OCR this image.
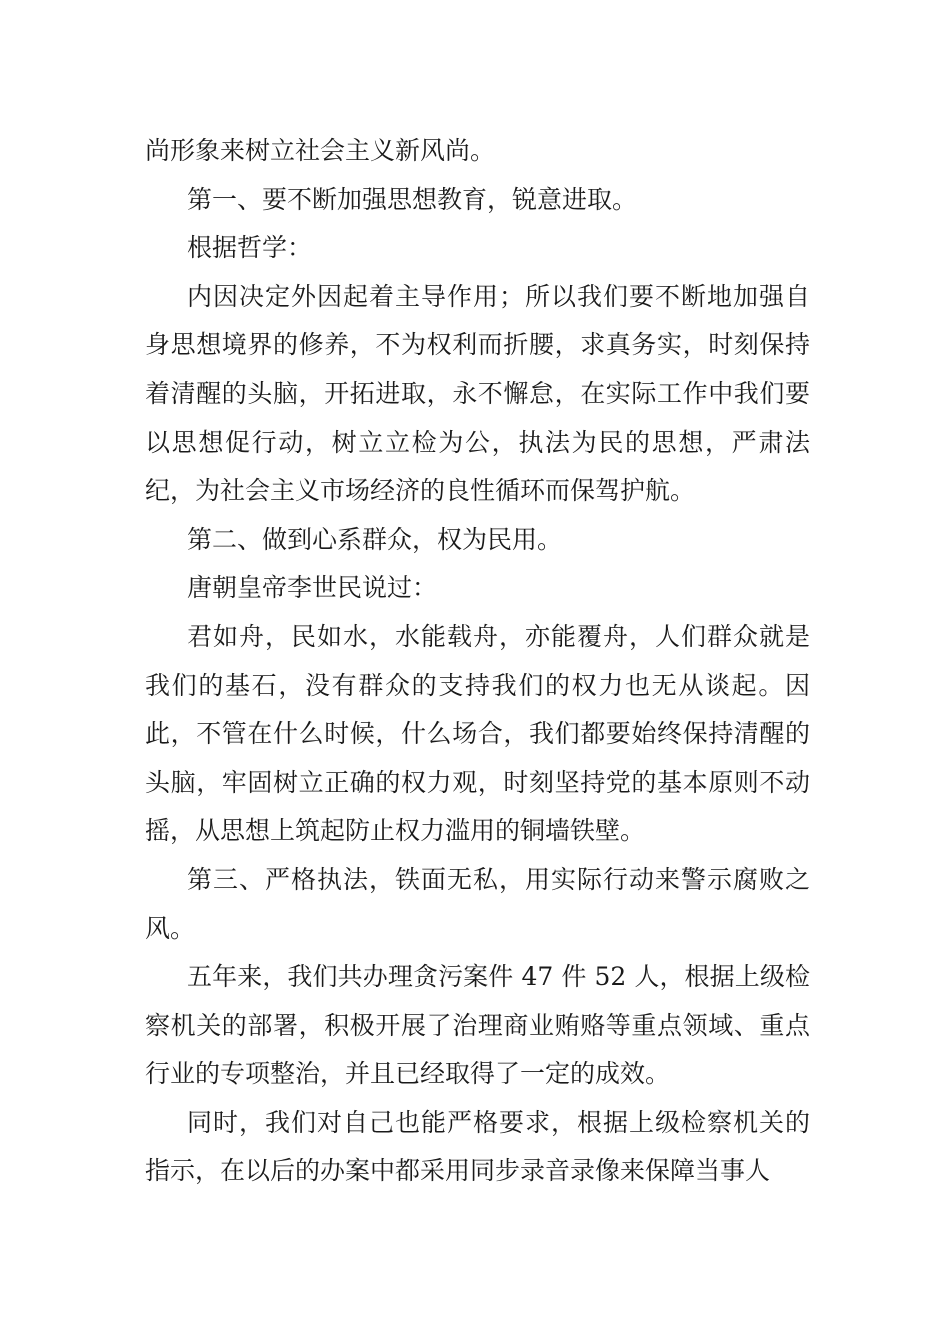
尚形象来树立社会主义新风尚。

第一、要不断加强思想教育，锐意进取。

根据哲学：

内因决定外因起着主导作用；所以我们要不断地加强自身思想境界的修养，不为权利而折腰，求真务实，时刻保持着清醒的头脑，开拓进取，永不懈怠，在实际工作中我们要以思想促行动，树立立检为公，执法为民的思想，严肃法纪，为社会主义市场经济的良性循环而保驾护航。

第二、做到心系群众，权为民用。

唐朝皇帝李世民说过：

君如舟，民如水，水能载舟，亦能覆舟，人们群众就是我们的基石，没有群众的支持我们的权力也无从谈起。因此，不管在什么时候，什么场合，我们都要始终保持清醒的头脑，牢固树立正确的权力观，时刻坚持党的基本原则不动摇，从思想上筑起防止权力滥用的铜墙铁壁。

第三、严格执法，铁面无私，用实际行动来警示腐败之风。

五年来，我们共办理贪污案件 47 件 52 人，根据上级检察机关的部署，积极开展了治理商业贿赂等重点领域、重点行业的专项整治，并且已经取得了一定的成效。

同时，我们对自己也能严格要求，根据上级检察机关的指示，在以后的办案中都采用同步录音录像来保障当事人
